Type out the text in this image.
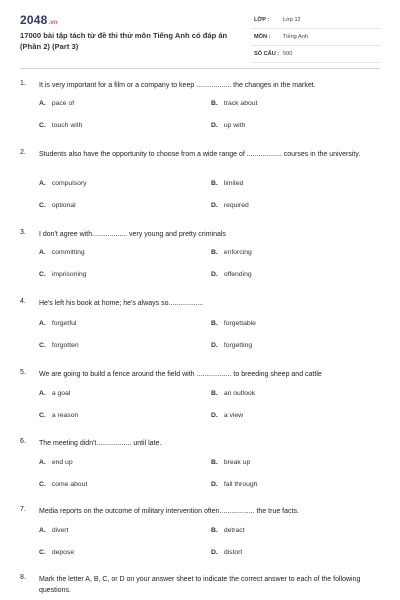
2048.vn
17000 bài tập tách từ đề thi thử môn Tiếng Anh có đáp án (Phần 2) (Part 3)
LỚP : Lớp 12
MÔN : Tiếng Anh
SỐ CÂU : 500
1. It is very important for a film or a company to keep .................. the changes in the market.
A. pace of	B. track about
C. touch with	D. up with
2. Students also have the opportunity to choose from a wide range of .................. courses in the university.
A. compulsory	B. limited
C. optional	D. required
3. I don't agree with.................. very young and pretty criminals
A. committing	B. enforcing
C. imprisoning	D. offending
4. He's left his book at home; he's always so..................
A. forgetful	B. forgettable
C. forgotten	D. forgetting
5. We are going to build a fence around the field with .................. to breeding sheep and cattle
A. a goal	B. an outlook
C. a reason	D. a view
6. The meeting didn't.................. until late.
A. end up	B. break up
C. come about	D. fall through
7. Media reports on the outcome of military intervention often.................. the true facts.
A. divert	B. detract
C. depose	D. distort
8. Mark the letter A, B, C, or D on your answer sheet to indicate the correct answer to each of the following questions.
